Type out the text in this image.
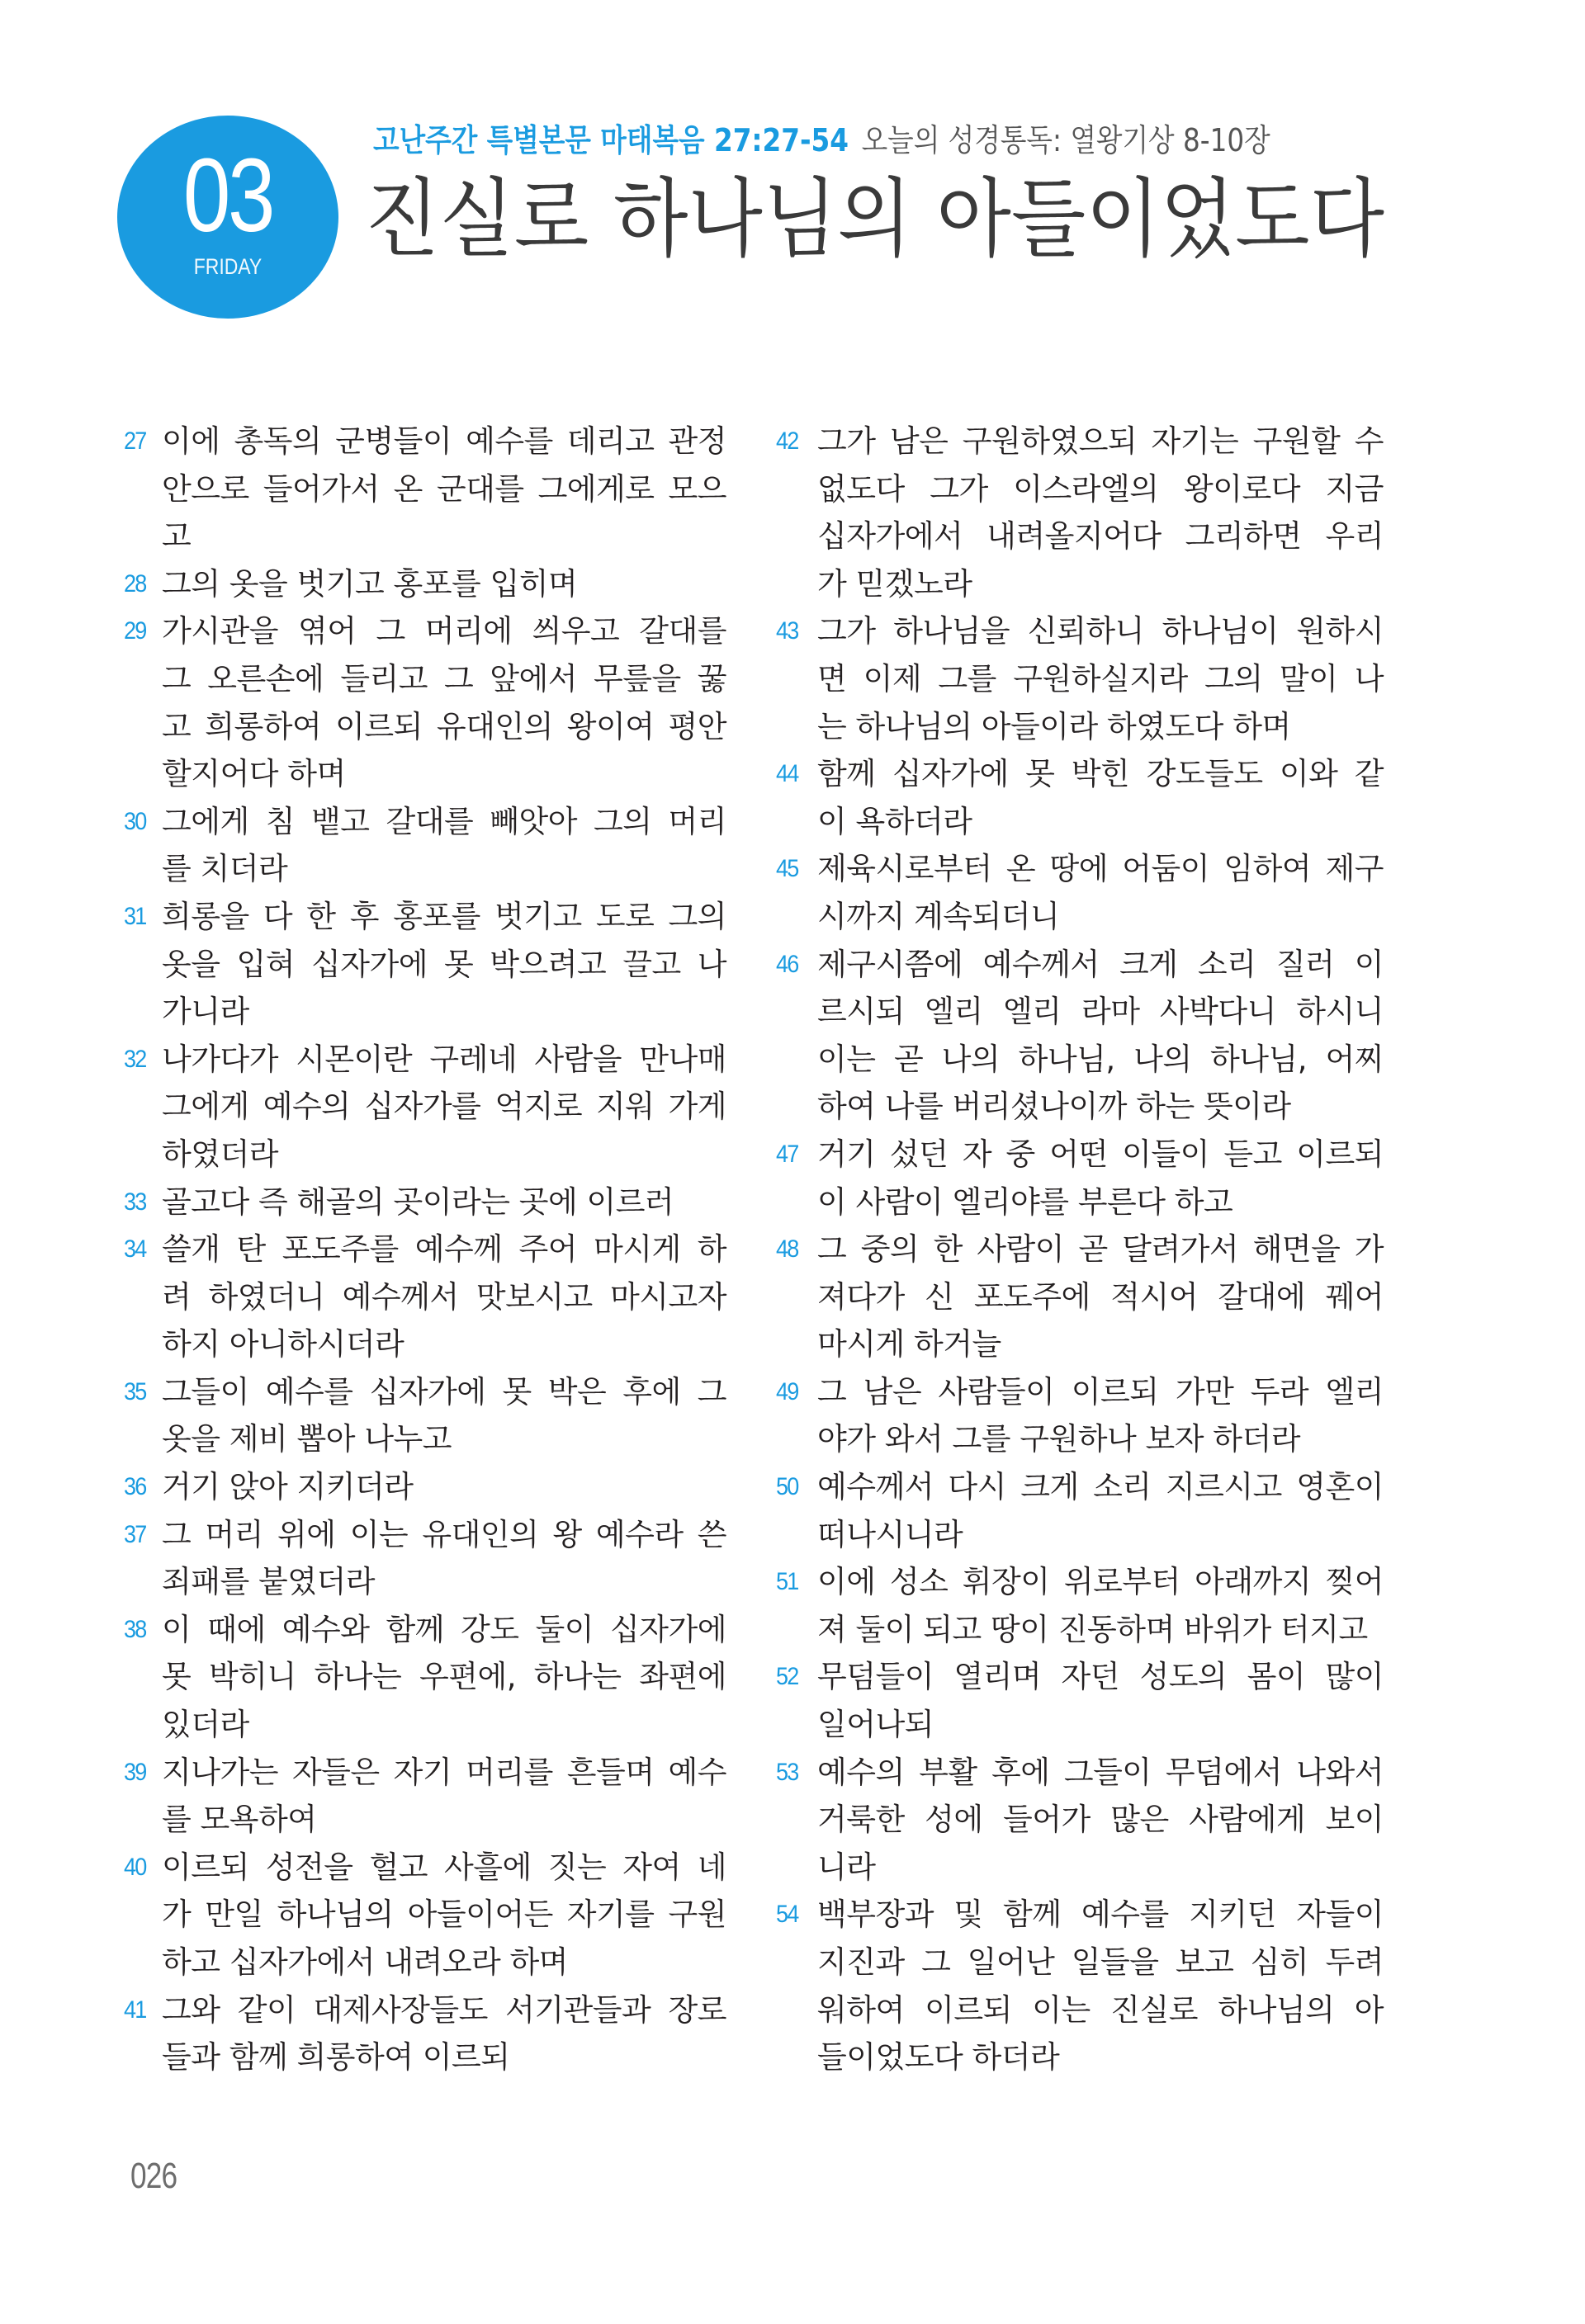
03
FRIDAY
고난주간 특별본문 마태복음 27:27-54 오늘의 성경통독: 열왕기상 8-10장
진실로 하나님의 아들이었도다
27 이에 총독의 군병들이 예수를 데리고 관정
안으로 들어가서 온 군대를 그에게로 모으
고
28 그의 옷을 벗기고 홍포를 입히며
29 가시관을 엮어 그 머리에 씌우고 갈대를
그 오른손에 들리고 그 앞에서 무릎을 꿇
고 희롱하여 이르되 유대인의 왕이여 평안
할지어다 하며
30 그에게 침 뱉고 갈대를 빼앗아 그의 머리
를 치더라
31 희롱을 다 한 후 홍포를 벗기고 도로 그의
옷을 입혀 십자가에 못 박으려고 끌고 나
가니라
32 나가다가 시몬이란 구레네 사람을 만나매
그에게 예수의 십자가를 억지로 지워 가게
하였더라
33 골고다 즉 해골의 곳이라는 곳에 이르러
34 쓸개 탄 포도주를 예수께 주어 마시게 하
려 하였더니 예수께서 맛보시고 마시고자
하지 아니하시더라
35 그들이 예수를 십자가에 못 박은 후에 그
옷을 제비 뽑아 나누고
36 거기 앉아 지키더라
37 그 머리 위에 이는 유대인의 왕 예수라 쓴
죄패를 붙였더라
38 이 때에 예수와 함께 강도 둘이 십자가에
못 박히니 하나는 우편에, 하나는 좌편에
있더라
39 지나가는 자들은 자기 머리를 흔들며 예수
를 모욕하여
40 이르되 성전을 헐고 사흘에 짓는 자여 네
가 만일 하나님의 아들이어든 자기를 구원
하고 십자가에서 내려오라 하며
41 그와 같이 대제사장들도 서기관들과 장로
들과 함께 희롱하여 이르되
42 그가 남은 구원하였으되 자기는 구원할 수
없도다 그가 이스라엘의 왕이로다 지금
십자가에서 내려올지어다 그리하면 우리
가 믿겠노라
43 그가 하나님을 신뢰하니 하나님이 원하시
면 이제 그를 구원하실지라 그의 말이 나
는 하나님의 아들이라 하였도다 하며
44 함께 십자가에 못 박힌 강도들도 이와 같
이 욕하더라
45 제육시로부터 온 땅에 어둠이 임하여 제구
시까지 계속되더니
46 제구시쯤에 예수께서 크게 소리 질러 이
르시되 엘리 엘리 라마 사박다니 하시니
이는 곧 나의 하나님, 나의 하나님, 어찌
하여 나를 버리셨나이까 하는 뜻이라
47 거기 섰던 자 중 어떤 이들이 듣고 이르되
이 사람이 엘리야를 부른다 하고
48 그 중의 한 사람이 곧 달려가서 해면을 가
져다가 신 포도주에 적시어 갈대에 꿰어
마시게 하거늘
49 그 남은 사람들이 이르되 가만 두라 엘리
야가 와서 그를 구원하나 보자 하더라
50 예수께서 다시 크게 소리 지르시고 영혼이
떠나시니라
51 이에 성소 휘장이 위로부터 아래까지 찢어
져 둘이 되고 땅이 진동하며 바위가 터지고
52 무덤들이 열리며 자던 성도의 몸이 많이
일어나되
53 예수의 부활 후에 그들이 무덤에서 나와서
거룩한 성에 들어가 많은 사람에게 보이
니라
54 백부장과 및 함께 예수를 지키던 자들이
지진과 그 일어난 일들을 보고 심히 두려
워하여 이르되 이는 진실로 하나님의 아
들이었도다 하더라
026
